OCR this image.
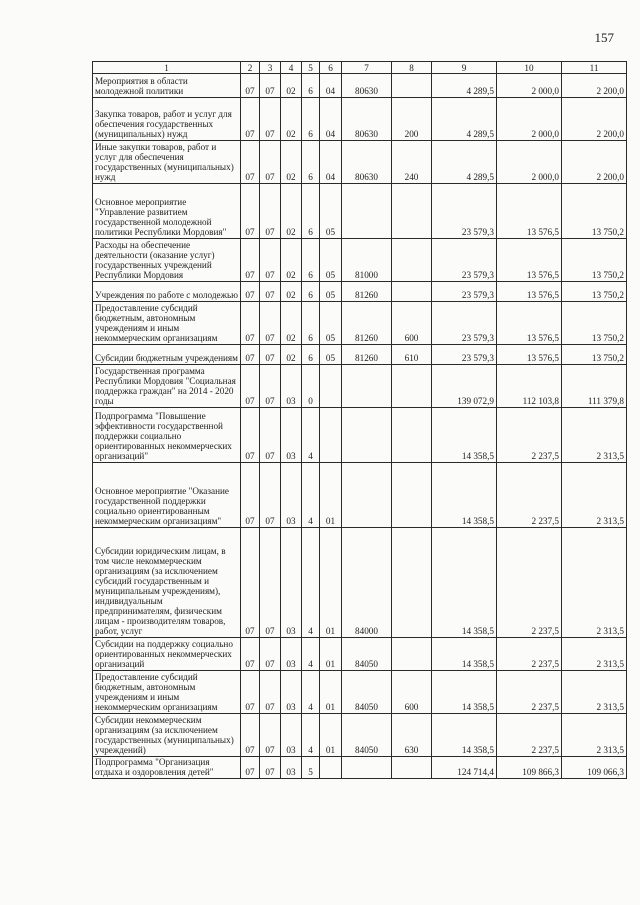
157
1	2	3	4	5	6	7	8	9	10	11
Мероприятия в области молодежной политики	07	07	02	6	04	80630		4 289,5	2 000,0	2 200,0
Закупка товаров, работ и услуг для обеспечения государственных (муниципальных) нужд	07	07	02	6	04	80630	200	4 289,5	2 000,0	2 200,0
Иные закупки товаров, работ и услуг для обеспечения государственных (муниципальных) нужд	07	07	02	6	04	80630	240	4 289,5	2 000,0	2 200,0
Основное мероприятие "Управление развитием государственной молодежной политики Республики Мордовия"	07	07	02	6	05			23 579,3	13 576,5	13 750,2
Расходы на обеспечение деятельности (оказание услуг) государственных учреждений Республики Мордовия	07	07	02	6	05	81000		23 579,3	13 576,5	13 750,2
Учреждения по работе с молодежью	07	07	02	6	05	81260		23 579,3	13 576,5	13 750,2
Предоставление субсидий бюджетным, автономным учреждениям и иным некоммерческим организациям	07	07	02	6	05	81260	600	23 579,3	13 576,5	13 750,2
Субсидии бюджетным учреждениям	07	07	02	6	05	81260	610	23 579,3	13 576,5	13 750,2
Государственная программа Республики Мордовия "Социальная поддержка граждан" на 2014 - 2020 годы	07	07	03	0				139 072,9	112 103,8	111 379,8
Подпрограмма "Повышение эффективности государственной поддержки социально ориентированных некоммерческих организаций"	07	07	03	4				14 358,5	2 237,5	2 313,5
Основное мероприятие "Оказание государственной поддержки социально ориентированным некоммерческим организациям"	07	07	03	4	01			14 358,5	2 237,5	2 313,5
Субсидии юридическим лицам, в том числе некоммерческим организациям (за исключением субсидий государственным и муниципальным учреждениям), индивидуальным предпринимателям, физическим лицам - производителям товаров, работ, услуг	07	07	03	4	01	84000		14 358,5	2 237,5	2 313,5
Субсидии на поддержку социально ориентированных некоммерческих организаций	07	07	03	4	01	84050		14 358,5	2 237,5	2 313,5
Предоставление субсидий бюджетным, автономным учреждениям и иным некоммерческим организациям	07	07	03	4	01	84050	600	14 358,5	2 237,5	2 313,5
Субсидии некоммерческим организациям (за исключением государственных (муниципальных) учреждений)	07	07	03	4	01	84050	630	14 358,5	2 237,5	2 313,5
Подпрограмма "Организация отдыха и оздоровления детей"	07	07	03	5				124 714,4	109 866,3	109 066,3
